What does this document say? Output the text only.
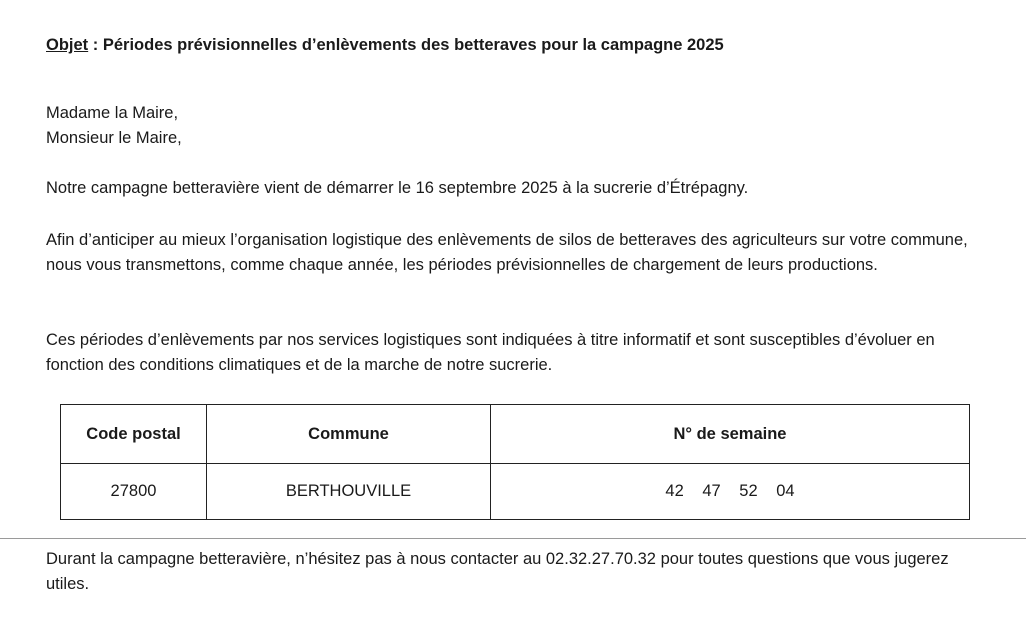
Objet : Périodes prévisionnelles d’enlèvements des betteraves pour la campagne 2025
Madame la Maire,
Monsieur le Maire,
Notre campagne betteravière vient de démarrer le 16 septembre 2025 à la sucrerie d’Étrépagny.
Afin d’anticiper au mieux l’organisation logistique des enlèvements de silos de betteraves des agriculteurs sur votre commune, nous vous transmettons, comme chaque année, les périodes prévisionnelles de chargement de leurs productions.
Ces périodes d’enlèvements par nos services logistiques sont indiquées à titre informatif et sont susceptibles d’évoluer en fonction des conditions climatiques et de la marche de notre sucrerie.
Code postal	Commune	N° de semaine
27800	BERTHOUVILLE	42 47 52 04
Durant la campagne betteravière, n’hésitez pas à nous contacter au 02.32.27.70.32 pour toutes questions que vous jugerez utiles.
